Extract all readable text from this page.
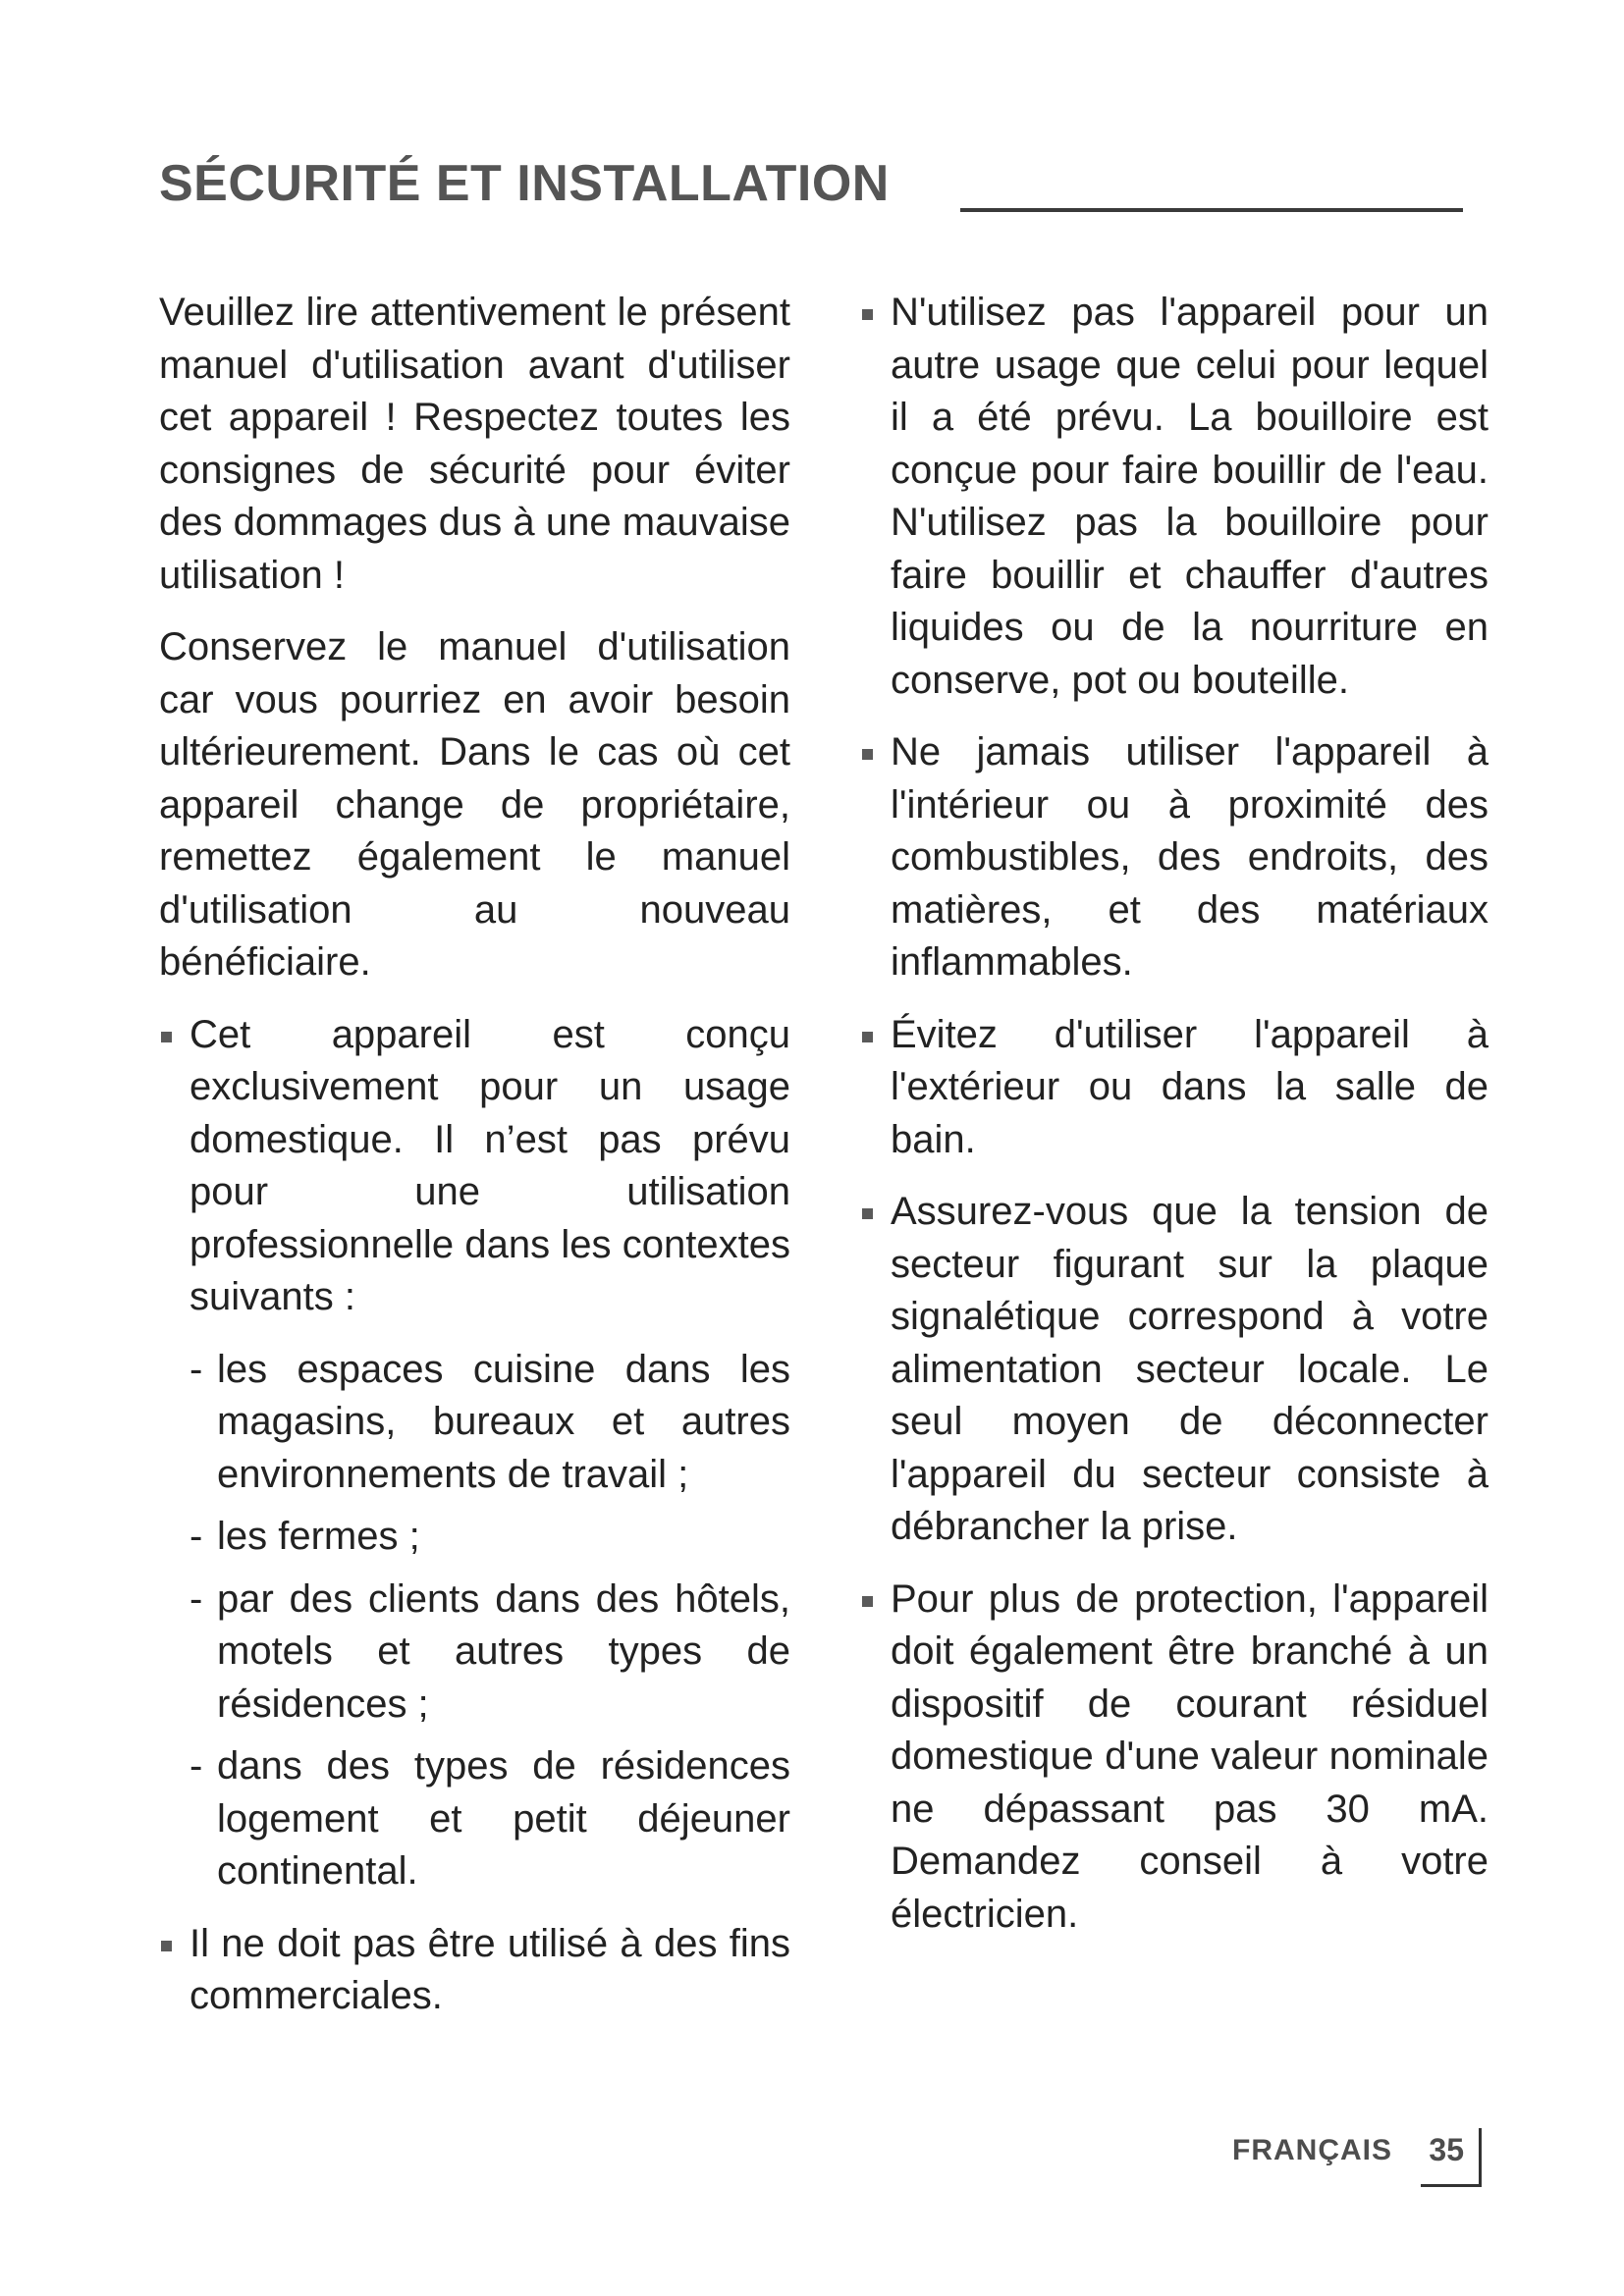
SÉCURITÉ ET INSTALLATION

Veuillez lire attentivement le présent manuel d'utilisation avant d'utiliser cet appareil ! Respectez toutes les consignes de sécurité pour éviter des dommages dus à une mauvaise utilisation !

Conservez le manuel d'utilisation car vous pourriez en avoir besoin ultérieurement. Dans le cas où cet appareil change de propriétaire, remettez également le manuel d'utilisation au nouveau bénéficiaire.

Cet appareil est conçu exclusivement pour un usage domestique. Il n’est pas prévu pour une utilisation professionnelle dans les contextes suivants :
- les espaces cuisine dans les magasins, bureaux et autres environnements de travail ;
- les fermes ;
- par des clients dans des hôtels, motels et autres types de résidences ;
- dans des types de résidences logement et petit déjeuner continental.
Il ne doit pas être utilisé à des fins commerciales.
N'utilisez pas l'appareil pour un autre usage que celui pour lequel il a été prévu. La bouilloire est conçue pour faire bouillir de l'eau. N'utilisez pas la bouilloire pour faire bouillir et chauffer d'autres liquides ou de la nourriture en conserve, pot ou bouteille.
Ne jamais utiliser l'appareil à l'intérieur ou à proximité des combustibles, des endroits, des matières, et des matériaux inflammables.
Évitez d'utiliser l'appareil à l'extérieur ou dans la salle de bain.
Assurez-vous que la tension de secteur figurant sur la plaque signalétique correspond à votre alimentation secteur locale. Le seul moyen de déconnecter l'appareil du secteur consiste à débrancher la prise.
Pour plus de protection, l'appareil doit également être branché à un dispositif de courant résiduel domestique d'une valeur nominale ne dépassant pas 30 mA. Demandez conseil à votre électricien.
FRANÇAIS 35
